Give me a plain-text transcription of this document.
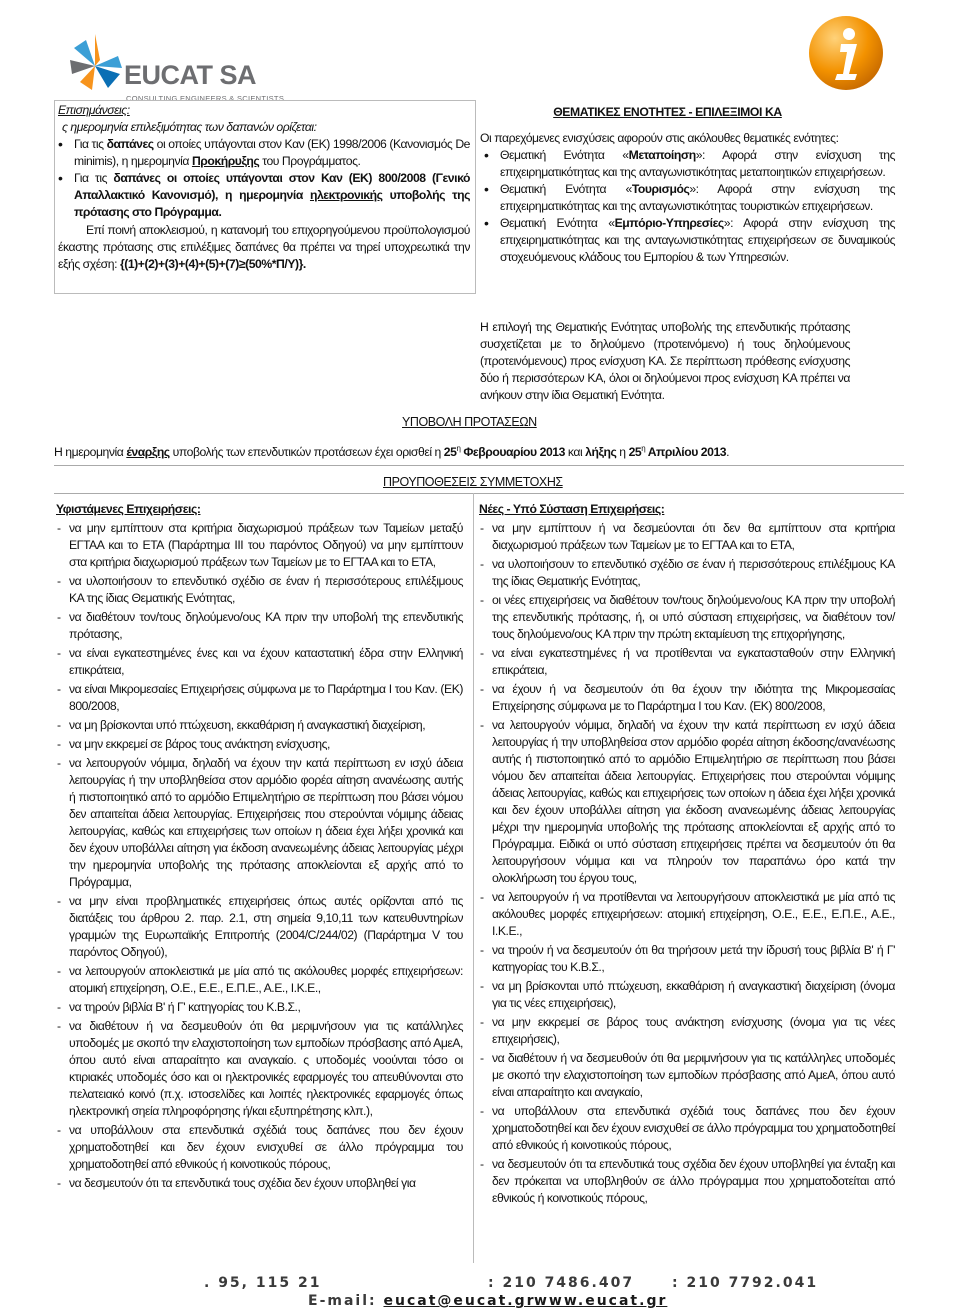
EUCAT SA
CONSULTING ENGINEERS & SCIENTISTS
Επισημάνσεις:
ς ημερομηνία επιλεξιμότητας των δαπανών ορίζεται:
• Για τις δαπάνες οι οποίες υπάγονται στον Καν (ΕΚ) 1998/2006 (Κανονισμός De minimis), η ημερομηνία Προκήρυξης του Προγράμματος.
• Για τις δαπάνες οι οποίες υπάγονται στον Καν (ΕΚ) 800/2008 (Γενικό Απαλλακτικό Κανονισμό), η ημερομηνία ηλεκτρονικής υποβολής της πρότασης στο Πρόγραμμα.
Επί ποινή αποκλεισμού, η κατανομή του επιχορηγούμενου προϋπολογισμού έκαστης πρότασης στις επιλέξιμες δαπάνες θα πρέπει να τηρεί υποχρεωτικά την εξής σχέση: {(1)+(2)+(3)+(4)+(5)+(7)≥(50%*Π/Υ)}.
ΘΕΜΑΤΙΚΕΣ ΕΝΟΤΗΤΕΣ - ΕΠΙΛΕΞΙΜΟΙ ΚΑ
Οι παρεχόμενες ενισχύσεις αφορούν στις ακόλουθες θεματικές ενότητες:
• Θεματική Ενότητα «Μεταποίηση»: Αφορά στην ενίσχυση της επιχειρηματικότητας και της ανταγωνιστικότητας μεταποιητικών επιχειρήσεων.
• Θεματική Ενότητα «Τουρισμός»: Αφορά στην ενίσχυση της επιχειρηματικότητας και της ανταγωνιστικότητας τουριστικών επιχειρήσεων.
• Θεματική Ενότητα «Εμπόριο-Υπηρεσίες»: Αφορά στην ενίσχυση της επιχειρηματικότητας και της ανταγωνιστικότητας επιχειρήσεων σε δυναμικούς στοχευόμενους κλάδους του Εμπορίου & των Υπηρεσιών.
Η επιλογή της Θεματικής Ενότητας υποβολής της επενδυτικής πρότασης συσχετίζεται με το δηλούμενο (προτεινόμενο) ή τους δηλούμενους (προτεινόμενους) προς ενίσχυση ΚΑ. Σε περίπτωση πρόθεσης ενίσχυσης δύο ή περισσότερων ΚΑ, όλοι οι δηλούμενοι προς ενίσχυση ΚΑ πρέπει να ανήκουν στην ίδια Θεματική Ενότητα.
ΥΠΟΒΟΛΗ ΠΡΟΤΑΣΕΩΝ
Η ημερομηνία έναρξης υποβολής των επενδυτικών προτάσεων έχει ορισθεί η $25^\eta$ Φεβρουαρίου 2013 και λήξης η $25^\eta$ Απριλίου 2013.
ΠΡΟΥΠΟΘΕΣΕΙΣ ΣΥΜΜΕΤΟΧΗΣ
Υφιστάμενες Επιχειρήσεις:
- να μην εμπίπτουν στα κριτήρια διαχωρισμού πράξεων των Ταμείων μεταξύ ΕΓΤΑΑ και το ΕΤΑ (Παράρτημα ΙΙΙ του παρόντος Οδηγού) να μην εμπίπτουν στα κριτήρια διαχωρισμού πράξεων των Ταμείων με το ΕΓΤΑΑ και το ΕΤΑ,
- να υλοποιήσουν το επενδυτικό σχέδιο σε έναν ή περισσότερους επιλέξιμους ΚΑ της ίδιας Θεματικής Ενότητας,
- να διαθέτουν τον/τους δηλούμενο/ους ΚΑ πριν την υποβολή της επενδυτικής πρότασης,
- να είναι εγκατεστημένες ένες και να έχουν καταστατική έδρα στην Ελληνική επικράτεια,
- να είναι Μικρομεσαίες Επιχειρήσεις σύμφωνα με το Παράρτημα Ι του Καν. (ΕΚ) 800/2008,
- να μη βρίσκονται υπό πτώχευση, εκκαθάριση ή αναγκαστική διαχείριση,
- να μην εκκρεμεί σε βάρος τους ανάκτηση ενίσχυσης,
- να λειτουργούν νόμιμα, δηλαδή να έχουν την κατά περίπτωση εν ισχύ άδεια λειτουργίας ή την υποβληθείσα στον αρμόδιο φορέα αίτηση ανανέωσης αυτής ή πιστοποιητικό από το αρμόδιο Επιμελητήριο σε περίπτωση που βάσει νόμου δεν απαιτείται άδεια λειτουργίας. Επιχειρήσεις που στερούνται νόμιμης άδειας λειτουργίας, καθώς και επιχειρήσεις των οποίων η άδεια έχει λήξει χρονικά και δεν έχουν υποβάλλει αίτηση για έκδοση ανανεωμένης άδειας λειτουργίας μέχρι την ημερομηνία υποβολής της πρότασης αποκλείονται εξ αρχής από το Πρόγραμμα,
- να μην είναι προβληματικές επιχειρήσεις όπως αυτές ορίζονται από τις διατάξεις του άρθρου 2. παρ. 2.1, στη σημεία 9,10,11 των κατευθυντηρίων γραμμών της Ευρωπαϊκής Επιτροπής (2004/C/244/02) (Παράρτημα V του παρόντος Οδηγού),
- να λειτουργούν αποκλειστικά με μία από τις ακόλουθες μορφές επιχειρήσεων: ατομική επιχείρηση, Ο.Ε., Ε.Ε., Ε.Π.Ε., Α.Ε., Ι.Κ.Ε.,
- να τηρούν βιβλία Β' ή Γ' κατηγορίας του Κ.Β.Σ.,
- να διαθέτουν ή να δεσμευθούν ότι θα μεριμνήσουν για τις κατάλληλες υποδομές με σκοπό την ελαχιστοποίηση των εμποδίων πρόσβασης από ΑμεΑ, όπου αυτό είναι απαραίτητο και αναγκαίο. ς υποδομές νοούνται τόσο οι κτιριακές υποδομές όσο και οι ηλεκτρονικές εφαρμογές του απευθύνονται στο πελατειακό κοινό (π.χ. ιστοσελίδες και λοιπές ηλεκτρονικές εφαρμογές όπως ηλεκτρονική σηεία πληροφόρησης ή/και εξυπηρέτησης κλπ.),
- να υποβάλλουν στα επενδυτικά σχέδιά τους δαπάνες που δεν έχουν χρηματοδοτηθεί και δεν έχουν ενισχυθεί σε άλλο πρόγραμμα του χρηματοδοτηθεί από εθνικούς ή κοινοτικούς πόρους,
- να δεσμευτούν ότι τα επενδυτικά τους σχέδια δεν έχουν υποβληθεί για
Νέες - Υπό Σύσταση Επιχειρήσεις:
- να μην εμπίπτουν ή να δεσμεύονται ότι δεν θα εμπίπτουν στα κριτήρια διαχωρισμού πράξεων των Ταμείων με το ΕΓΤΑΑ και το ΕΤΑ,
- να υλοποιήσουν το επενδυτικό σχέδιο σε έναν ή περισσότερους επιλέξιμους ΚΑ της ίδιας Θεματικής Ενότητας,
- οι νέες επιχειρήσεις να διαθέτουν τον/τους δηλούμενο/ους ΚΑ πριν την υποβολή της επενδυτικής πρότασης, ή, οι υπό σύσταση επιχειρήσεις, να διαθέτουν τον/τους δηλούμενο/ους ΚΑ πριν την πρώτη εκταμίευση της επιχορήγησης,
- να είναι εγκατεστημένες ή να προτίθενται να εγκατασταθούν στην Ελληνική επικράτεια,
- να έχουν ή να δεσμευτούν ότι θα έχουν την ιδιότητα της Μικρομεσαίας Επιχείρησης σύμφωνα με το Παράρτημα Ι του Καν. (ΕΚ) 800/2008,
- να λειτουργούν νόμιμα, δηλαδή να έχουν την κατά περίπτωση εν ισχύ άδεια λειτουργίας ή την υποβληθείσα στον αρμόδιο φορέα αίτηση έκδοσης/ανανέωσης αυτής ή πιστοποιητικό από το αρμόδιο Επιμελητήριο σε περίπτωση που βάσει νόμου δεν απαιτείται άδεια λειτουργίας. Επιχειρήσεις που στερούνται νόμιμης άδειας λειτουργίας, καθώς και επιχειρήσεις των οποίων η άδεια έχει λήξει χρονικά και δεν έχουν υποβάλλει αίτηση για έκδοση ανανεωμένης άδειας λειτουργίας μέχρι την ημερομηνία υποβολής της πρότασης αποκλείονται εξ αρχής από το Πρόγραμμα. Ειδικά οι υπό σύσταση επιχειρήσεις πρέπει να δεσμευτούν ότι θα λειτουργήσουν νόμιμα και να πληρούν τον παραπάνω όρο κατά την ολοκλήρωση του έργου τους,
- να λειτουργούν ή να προτίθενται να λειτουργήσουν αποκλειστικά με μία από τις ακόλουθες μορφές επιχειρήσεων: ατομική επιχείρηση, Ο.Ε., Ε.Ε., Ε.Π.Ε., Α.Ε., Ι.Κ.Ε.,
- να τηρούν ή να δεσμευτούν ότι θα τηρήσουν μετά την ίδρυσή τους βιβλία Β' ή Γ' κατηγορίας του Κ.Β.Σ.,
- να μη βρίσκονται υπό πτώχευση, εκκαθάριση ή αναγκαστική διαχείριση (όνομα για τις νέες επιχειρήσεις),
- να μην εκκρεμεί σε βάρος τους ανάκτηση ενίσχυσης (όνομα για τις νέες επιχειρήσεις),
- να διαθέτουν ή να δεσμευθούν ότι θα μεριμνήσουν για τις κατάλληλες υποδομές με σκοπό την ελαχιστοποίηση των εμποδίων πρόσβασης από ΑμεΑ, όπου αυτό είναι απαραίτητο και αναγκαίο,
- να υποβάλλουν στα επενδυτικά σχέδιά τους δαπάνες που δεν έχουν χρηματοδοτηθεί και δεν έχουν ενισχυθεί σε άλλο πρόγραμμα του χρηματοδοτηθεί από εθνικούς ή κοινοτικούς πόρους,
- να δεσμευτούν ότι τα επενδυτικά τους σχέδια δεν έχουν υποβληθεί για ένταξη και δεν πρόκειται να υποβληθούν σε άλλο πρόγραμμα που χρηματοδοτείται από εθνικούς ή κοινοτικούς πόρους,
. 95, 115 21	: 210 7486.407	: 210 7792.041
E-mail: eucat@eucat.gr
www.eucat.gr
